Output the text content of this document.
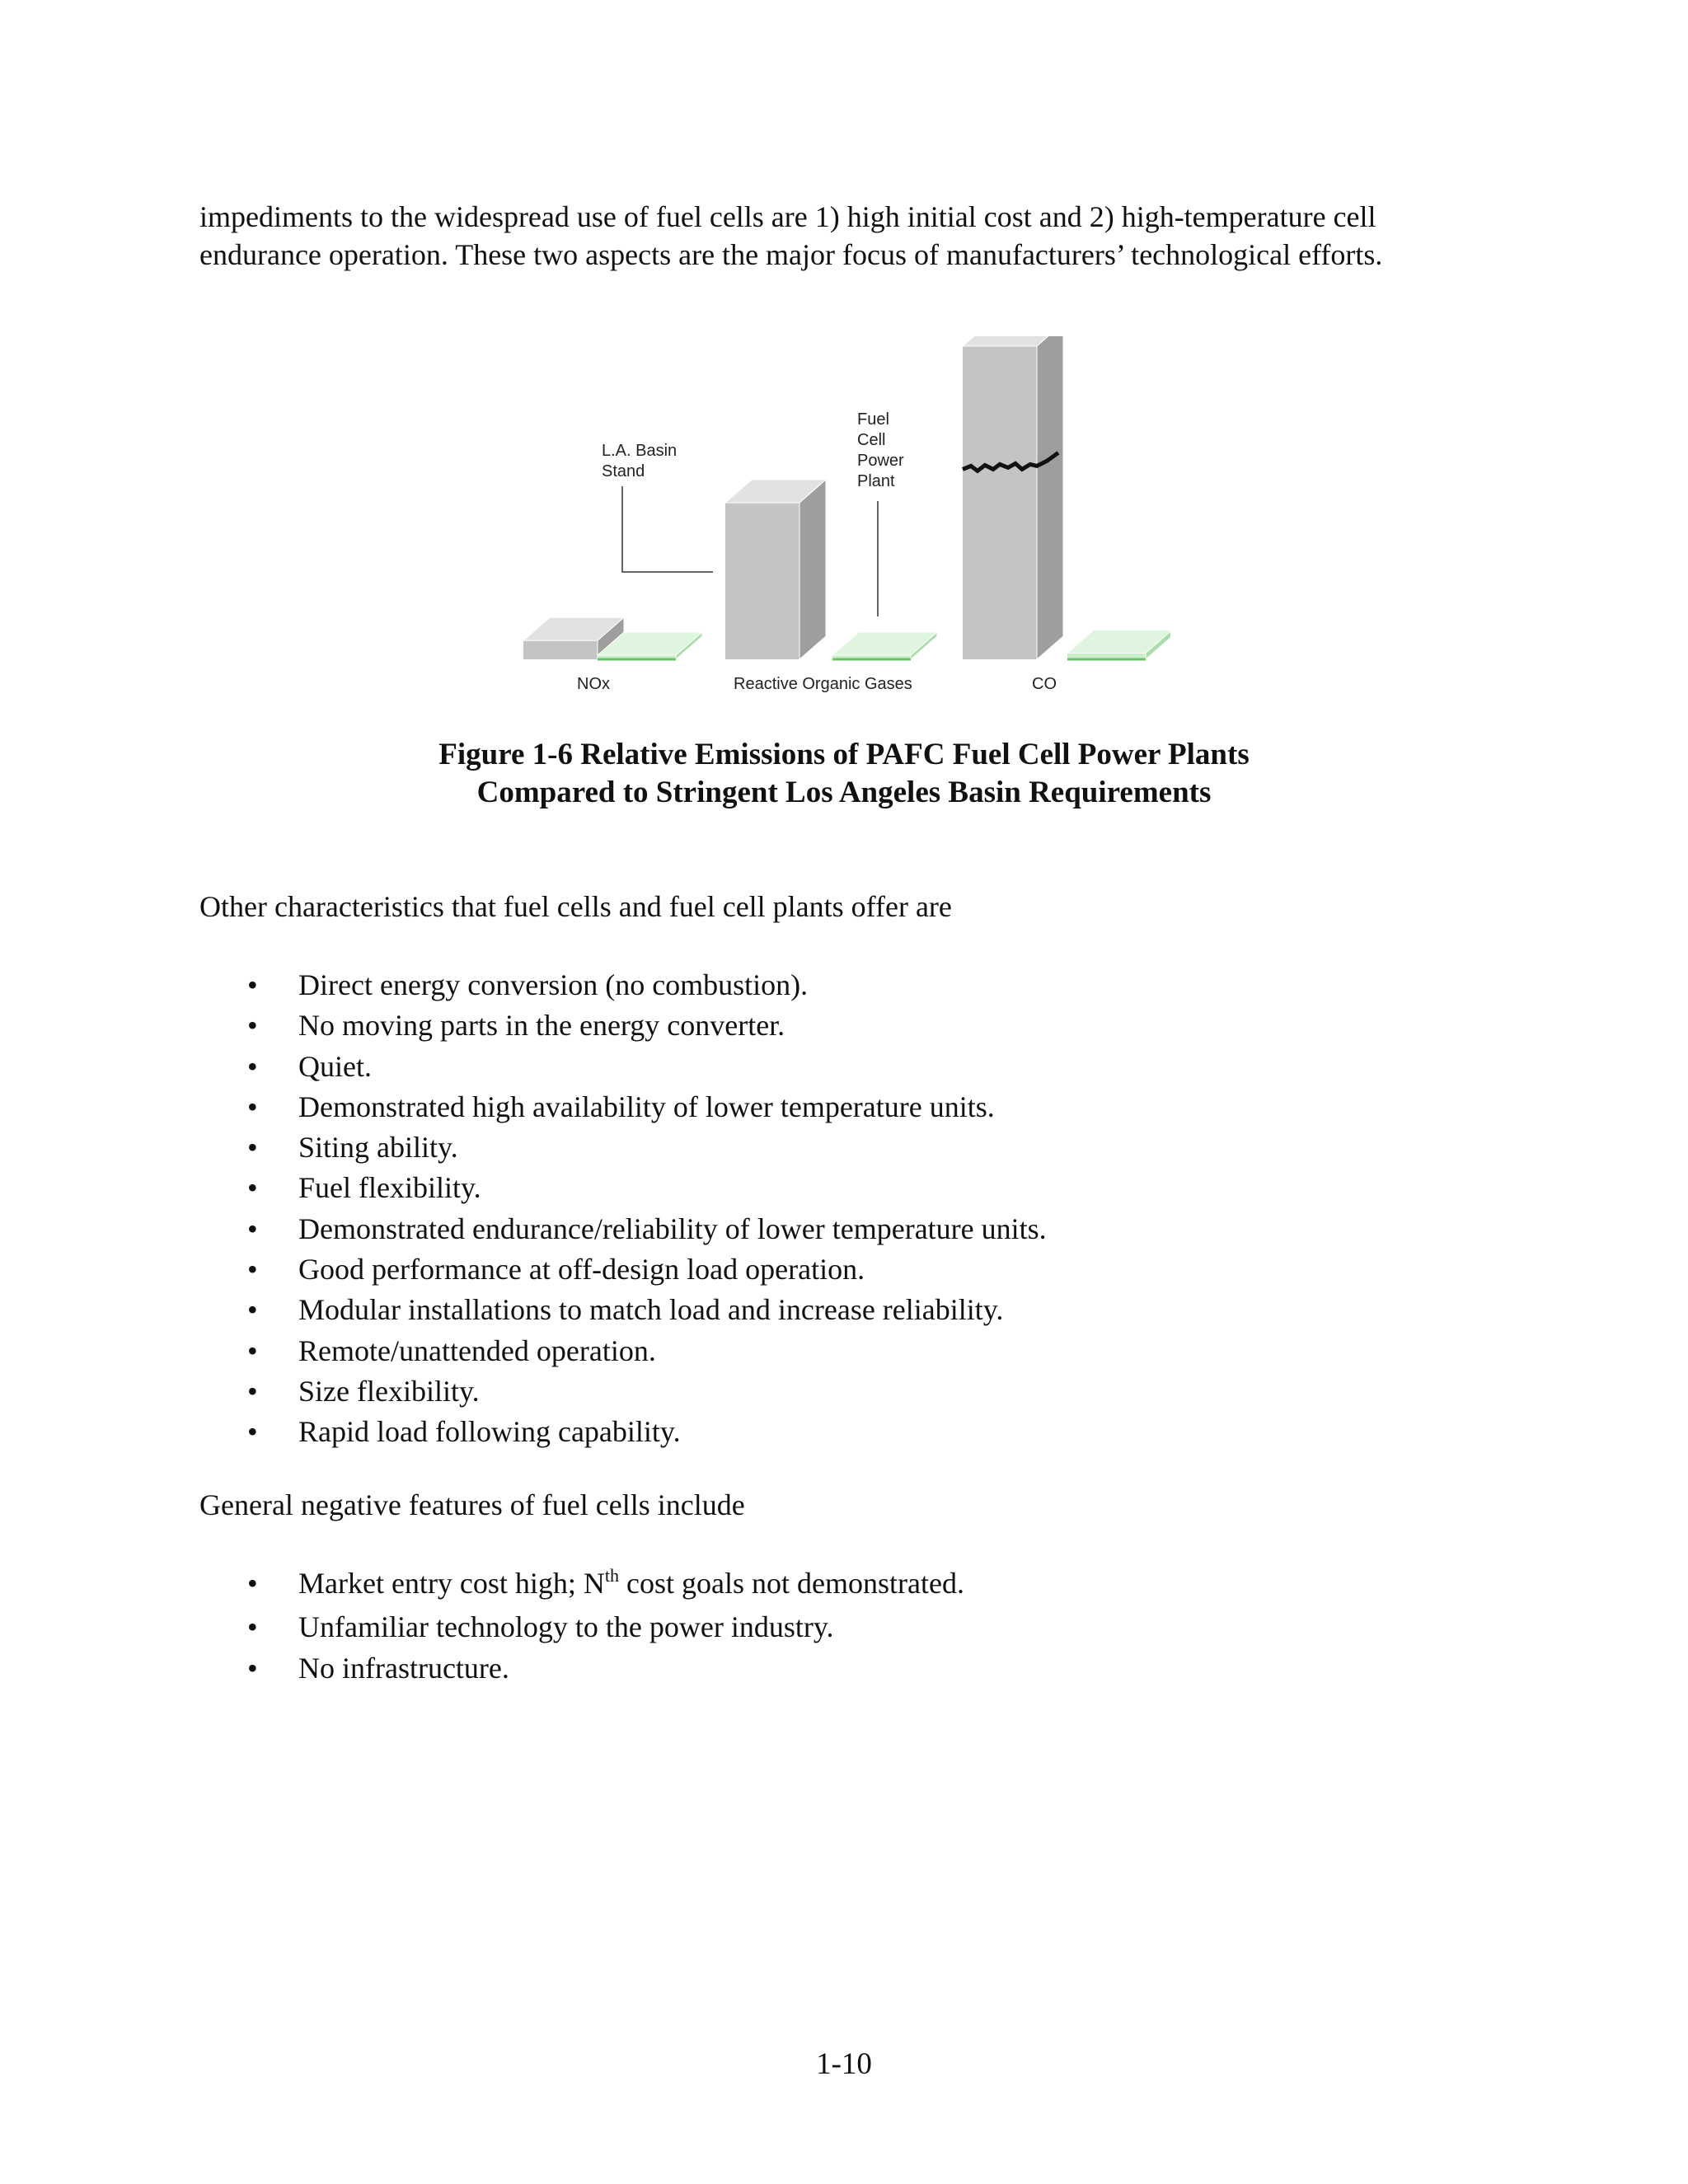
impediments to the widespread use of fuel cells are 1) high initial cost and 2) high-temperature cell
endurance operation. These two aspects are the major focus of manufacturers’ technological efforts.

L.A. Basin
Stand
Fuel
Cell
Power
Plant
NOx	Reactive Organic Gases	CO
Figure 1-6 Relative Emissions of PAFC Fuel Cell Power Plants
Compared to Stringent Los Angeles Basin Requirements

Other characteristics that fuel cells and fuel cell plants offer are

• Direct energy conversion (no combustion).
• No moving parts in the energy converter.
• Quiet.
• Demonstrated high availability of lower temperature units.
• Siting ability.
• Fuel flexibility.
• Demonstrated endurance/reliability of lower temperature units.
• Good performance at off-design load operation.
• Modular installations to match load and increase reliability.
• Remote/unattended operation.
• Size flexibility.
• Rapid load following capability.

General negative features of fuel cells include

• Market entry cost high; $N^{th}$ cost goals not demonstrated.
• Unfamiliar technology to the power industry.
• No infrastructure.
1-10
